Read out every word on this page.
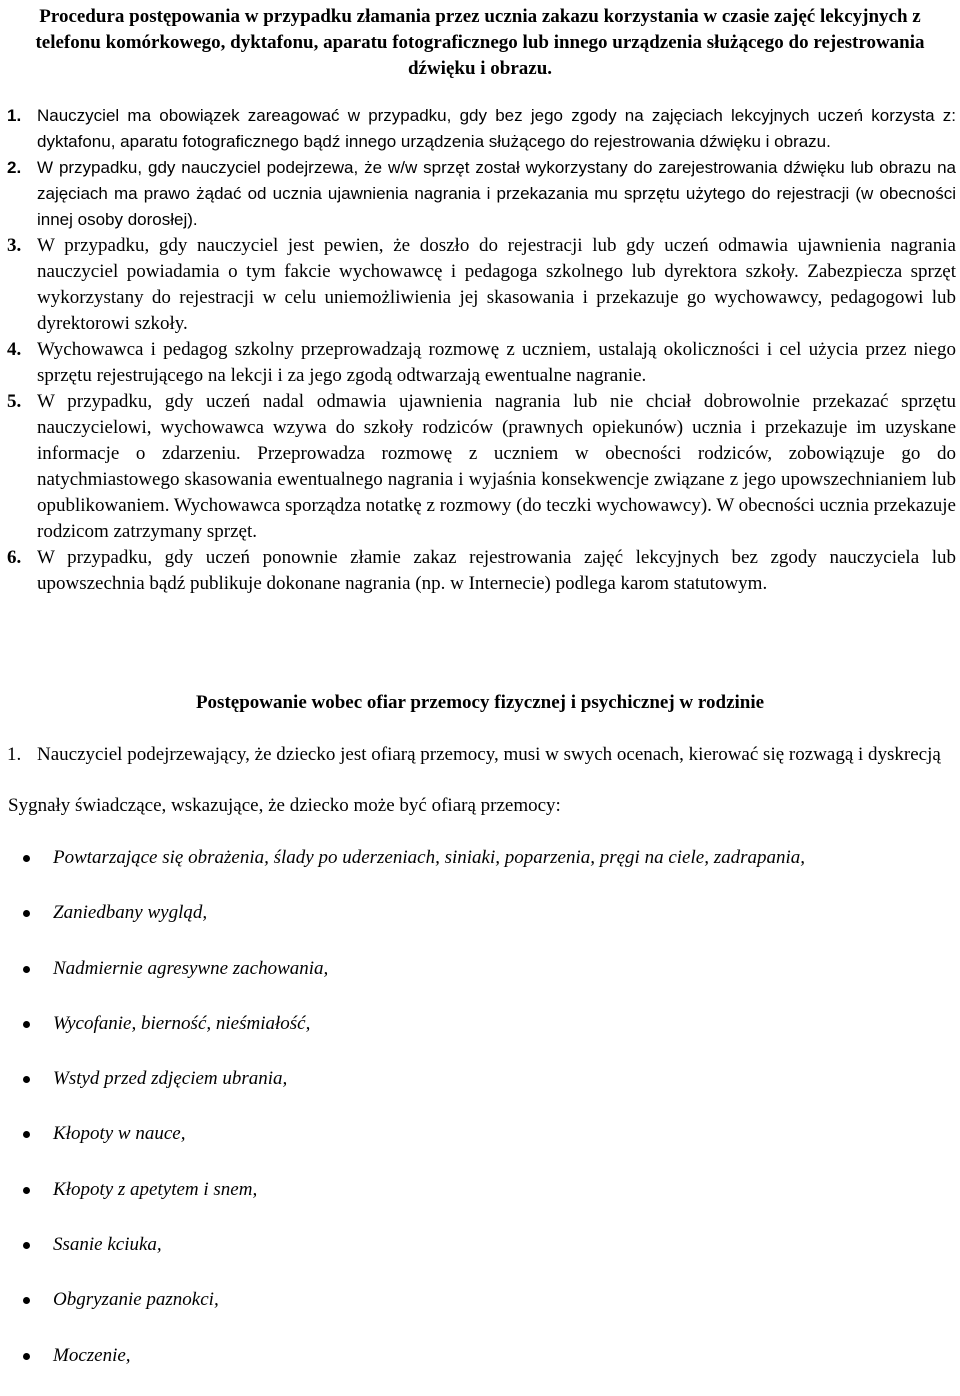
Procedura postępowania w przypadku złamania przez ucznia zakazu korzystania w czasie zajęć lekcyjnych z telefonu komórkowego, dyktafonu, aparatu fotograficznego lub innego urządzenia służącego do rejestrowania dźwięku i obrazu.

1. Nauczyciel ma obowiązek zareagować w przypadku, gdy bez jego zgody na zajęciach lekcyjnych uczeń korzysta z: dyktafonu, aparatu fotograficznego bądź innego urządzenia służącego do rejestrowania dźwięku i obrazu.

2. W przypadku, gdy nauczyciel podejrzewa, że w/w sprzęt został wykorzystany do zarejestrowania dźwięku lub obrazu na zajęciach ma prawo żądać od ucznia ujawnienia nagrania i przekazania mu sprzętu użytego do rejestracji (w obecności innej osoby dorosłej).

3. W przypadku, gdy nauczyciel jest pewien, że doszło do rejestracji lub gdy uczeń odmawia ujawnienia nagrania nauczyciel powiadamia o tym fakcie wychowawcę i pedagoga szkolnego lub dyrektora szkoły. Zabezpiecza sprzęt wykorzystany do rejestracji w celu uniemożliwienia jej skasowania i przekazuje go wychowawcy, pedagogowi lub dyrektorowi szkoły.

4. Wychowawca i pedagog szkolny przeprowadzają rozmowę z uczniem, ustalają okoliczności i cel użycia przez niego sprzętu rejestrującego na lekcji i za jego zgodą odtwarzają ewentualne nagranie.

5. W przypadku, gdy uczeń nadal odmawia ujawnienia nagrania lub nie chciał dobrowolnie przekazać sprzętu nauczycielowi, wychowawca wzywa do szkoły rodziców (prawnych opiekunów) ucznia i przekazuje im uzyskane informacje o zdarzeniu. Przeprowadza rozmowę z uczniem w obecności rodziców, zobowiązuje go do natychmiastowego skasowania ewentualnego nagrania i wyjaśnia konsekwencje związane z jego upowszechnianiem lub opublikowaniem. Wychowawca sporządza notatkę z rozmowy (do teczki wychowawcy). W obecności ucznia przekazuje rodzicom zatrzymany sprzęt.

6. W przypadku, gdy uczeń ponownie złamie zakaz rejestrowania zajęć lekcyjnych bez zgody nauczyciela lub upowszechnia bądź publikuje dokonane nagrania (np. w Internecie) podlega karom statutowym.

Postępowanie wobec ofiar przemocy fizycznej i psychicznej w rodzinie

1. Nauczyciel podejrzewający, że dziecko jest ofiarą przemocy, musi w swych ocenach, kierować się rozwagą i dyskrecją

Sygnały świadczące, wskazujące, że dziecko może być ofiarą przemocy:

Powtarzające się obrażenia, ślady po uderzeniach, siniaki, poparzenia, pręgi na ciele, zadrapania,
Zaniedbany wygląd,
Nadmiernie agresywne zachowania,
Wycofanie, bierność, nieśmiałość,
Wstyd przed zdjęciem ubrania,
Kłopoty w nauce,
Kłopoty z apetytem i snem,
Ssanie kciuka,
Obgryzanie paznokci,
Moczenie,
